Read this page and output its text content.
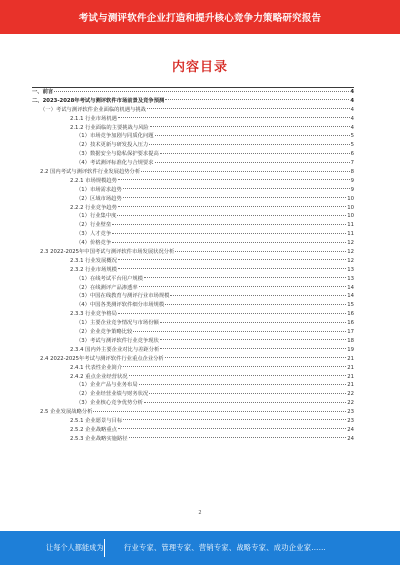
考试与测评软件企业打造和提升核心竞争力策略研究报告
内容目录
一、前言	4
二、2023-2028年考试与测评软件市场前景及竞争预测	4
（一）考试与测评软件企业面临的机遇与挑战	4
2.1.1 行业市场机遇	4
2.1.2 行业面临的主要挑战与风险	4
（1）市场竞争加剧与同质化问题	5
（2）技术更新与研发投入压力	5
（3）数据安全与隐私保护要求提高	6
（4）考试测评标准化与合规要求	7
2.2 国内考试与测评软件行业发展趋势分析	8
2.2.1 市场规模趋势	9
（1）市场需求趋势	9
（2）区域市场趋势	10
2.2.2 行业竞争趋势	10
（1）行业集中度	10
（2）行业壁垒	11
（3）人才竞争	11
（4）价格竞争	12
2.3 2022-2025年中国考试与测评软件市场发展状况分析	12
2.3.1 行业发展概况	12
2.3.2 行业市场规模	13
（1）在线考试平台用户规模	13
（2）在线测评产品渗透率	14
（3）中国在线教育与测评行业市场规模	14
（4）中国各类测评软件细分市场规模	15
2.3.3 行业竞争格局	16
（1）主要企业竞争情况与市场份额	16
（2）企业竞争策略比较	17
（3）考试与测评软件行业竞争现状	18
2.3.4 国内外主要企业对比与差距分析	19
2.4 2022-2025年考试与测评软件行业重点企业分析	21
2.4.1 代表性企业简介	21
2.4.2 重点企业经营状况	21
（1）企业产品与业务布局	21
（2）企业经营业绩与财务状况	22
（3）企业核心竞争优势分析	22
2.5 企业发展战略分析	23
2.5.1 企业愿景与目标	23
2.5.2 企业战略重点	24
2.5.3 企业战略实施路径	24
2
让每个人都能成为	行业专家、管理专家、营销专家、战略专家、成功企业家……
